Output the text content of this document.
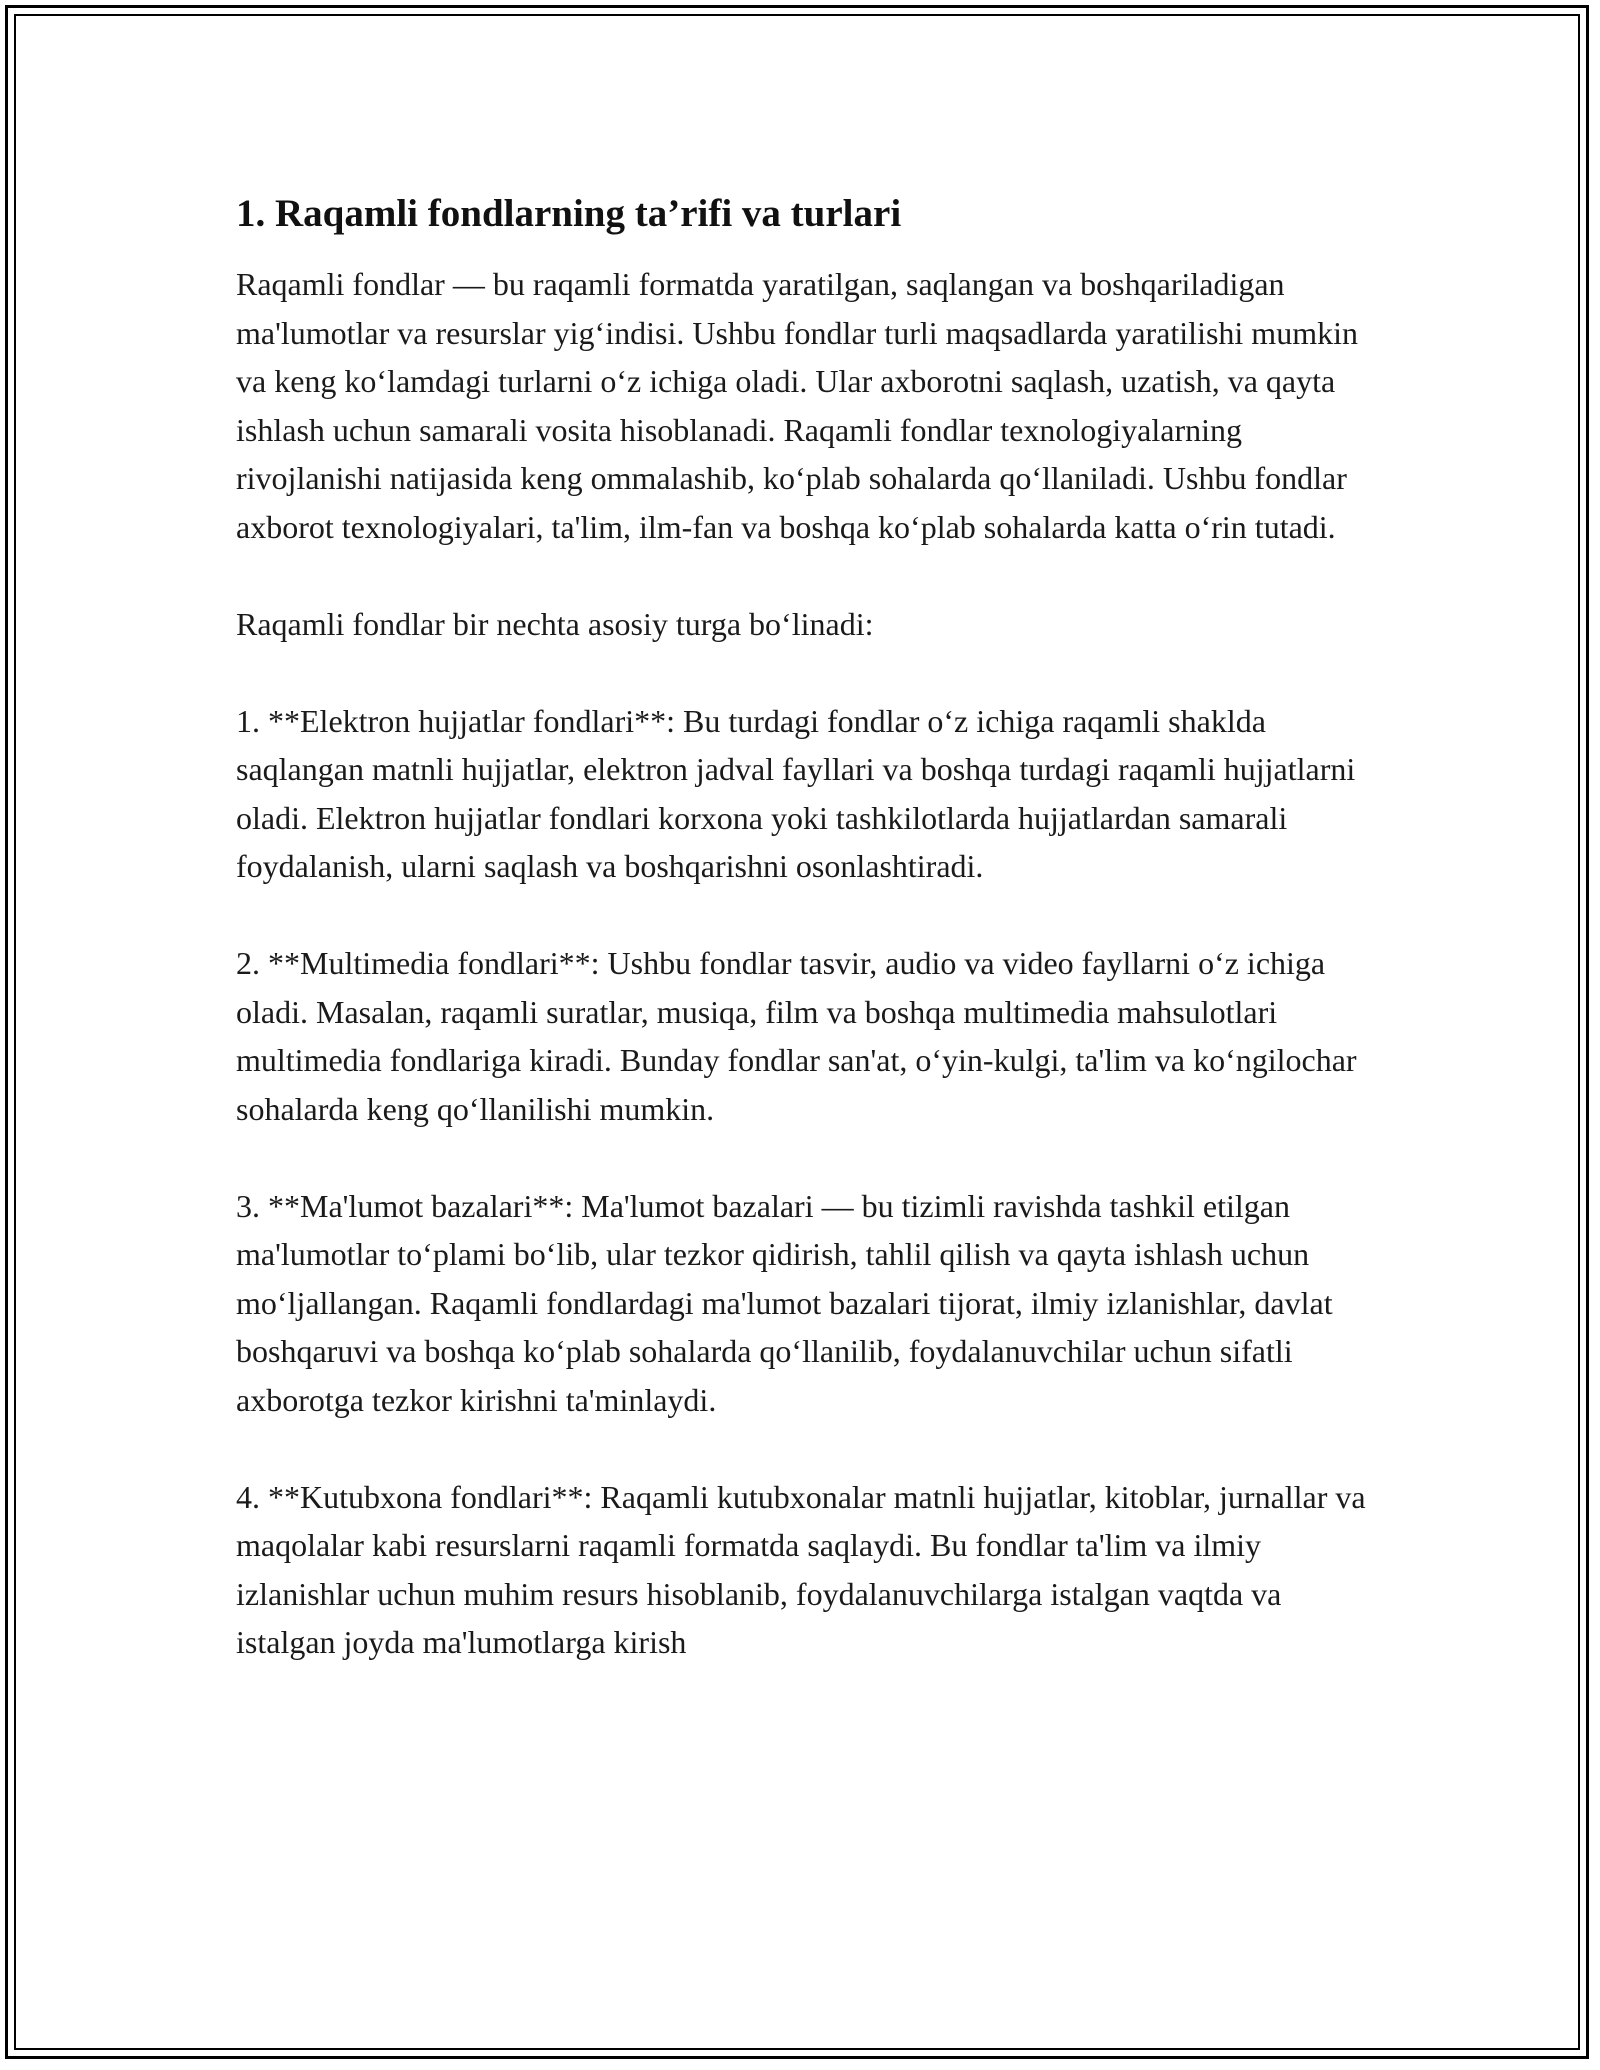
1. Raqamli fondlarning ta’rifi va turlari

Raqamli fondlar — bu raqamli formatda yaratilgan, saqlangan va boshqariladigan ma'lumotlar va resurslar yig‘indisi. Ushbu fondlar turli maqsadlarda yaratilishi mumkin va keng ko‘lamdagi turlarni o‘z ichiga oladi. Ular axborotni saqlash, uzatish, va qayta ishlash uchun samarali vosita hisoblanadi. Raqamli fondlar texnologiyalarning rivojlanishi natijasida keng ommalashib, ko‘plab sohalarda qo‘llaniladi. Ushbu fondlar axborot texnologiyalari, ta'lim, ilm-fan va boshqa ko‘plab sohalarda katta o‘rin tutadi.

Raqamli fondlar bir nechta asosiy turga bo‘linadi:

1. **Elektron hujjatlar fondlari**: Bu turdagi fondlar o‘z ichiga raqamli shaklda saqlangan matnli hujjatlar, elektron jadval fayllari va boshqa turdagi raqamli hujjatlarni oladi. Elektron hujjatlar fondlari korxona yoki tashkilotlarda hujjatlardan samarali foydalanish, ularni saqlash va boshqarishni osonlashtiradi.

2. **Multimedia fondlari**: Ushbu fondlar tasvir, audio va video fayllarni o‘z ichiga oladi. Masalan, raqamli suratlar, musiqa, film va boshqa multimedia mahsulotlari multimedia fondlariga kiradi. Bunday fondlar san'at, o‘yin-kulgi, ta'lim va ko‘ngilochar sohalarda keng qo‘llanilishi mumkin.

3. **Ma'lumot bazalari**: Ma'lumot bazalari — bu tizimli ravishda tashkil etilgan ma'lumotlar to‘plami bo‘lib, ular tezkor qidirish, tahlil qilish va qayta ishlash uchun mo‘ljallangan. Raqamli fondlardagi ma'lumot bazalari tijorat, ilmiy izlanishlar, davlat boshqaruvi va boshqa ko‘plab sohalarda qo‘llanilib, foydalanuvchilar uchun sifatli axborotga tezkor kirishni ta'minlaydi.

4. **Kutubxona fondlari**: Raqamli kutubxonalar matnli hujjatlar, kitoblar, jurnallar va maqolalar kabi resurslarni raqamli formatda saqlaydi. Bu fondlar ta'lim va ilmiy izlanishlar uchun muhim resurs hisoblanib, foydalanuvchilarga istalgan vaqtda va istalgan joyda ma'lumotlarga kirish
